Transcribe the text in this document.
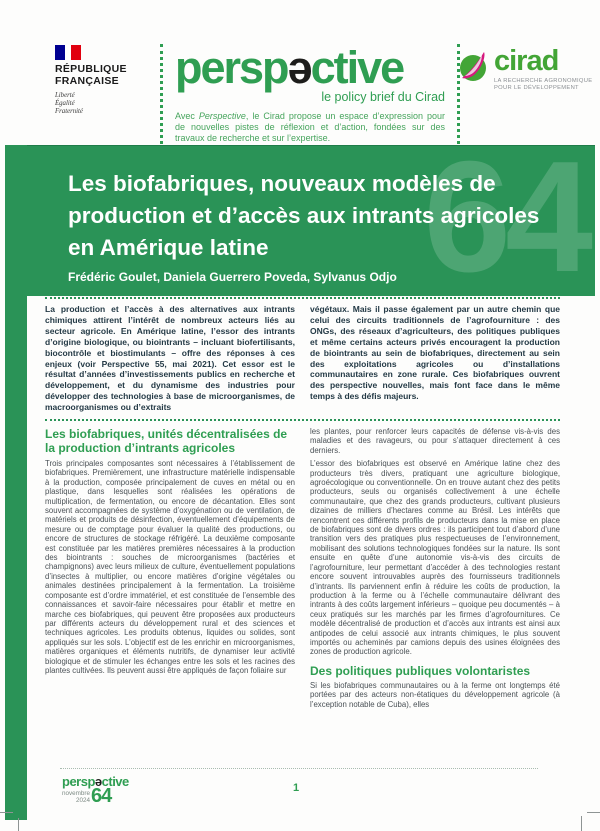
RÉPUBLIQUE
FRANÇAISE
Liberté
Égalité
Fraternité
perspəctive
le policy brief du Cirad
Avec Perspective, le Cirad propose un espace d’expression pour de nouvelles pistes de réflexion et d’action, fondées sur des travaux de recherche et sur l’expertise.
cirad
LA RECHERCHE AGRONOMIQUE
POUR LE DÉVELOPPEMENT
64
Les biofabriques, nouveaux modèles de
production et d’accès aux intrants agricoles
en Amérique latine
Frédéric Goulet, Daniela Guerrero Poveda, Sylvanus Odjo
La production et l’accès à des alternatives aux intrants chimiques attirent l’intérêt de nombreux acteurs liés au secteur agricole. En Amérique latine, l’essor des intrants d’origine biologique, ou biointrants – incluant biofertilisants, biocontrôle et biostimulants – offre des réponses à ces enjeux (voir Perspective 55, mai 2021). Cet essor est le résultat d’années d’investissements publics en recherche et développement, et du dynamisme des industries pour développer des technologies à base de microorganismes, de macroorganismes ou d’extraits
végétaux. Mais il passe également par un autre chemin que celui des circuits traditionnels de l’agrofourniture : des ONGs, des réseaux d’agriculteurs, des politiques publiques et même certains acteurs privés encouragent la production de biointrants au sein de biofabriques, directement au sein des exploitations agricoles ou d’installations communautaires en zone rurale. Ces biofabriques ouvrent des perspective nouvelles, mais font face dans le même temps à des défis majeurs.
Les biofabriques, unités décentralisées de la production d’intrants agricoles

Trois principales composantes sont nécessaires à l’établissement de biofabriques. Premièrement, une infrastructure matérielle indispensable à la production, composée principalement de cuves en métal ou en plastique, dans lesquelles sont réalisées les opérations de multiplication, de fermentation, ou encore de décantation. Elles sont souvent accompagnées de système d’oxygénation ou de ventilation, de matériels et produits de désinfection, éventuellement d’équipements de mesure ou de comptage pour évaluer la qualité des productions, ou encore de structures de stockage réfrigéré. La deuxième composante est constituée par les matières premières nécessaires à la production des biointrants : souches de microorganismes (bactéries et champignons) avec leurs milieux de culture, éventuellement populations d’insectes à multiplier, ou encore matières d’origine végétales ou animales destinées principalement à la fermentation. La troisième composante est d’ordre immatériel, et est constituée de l’ensemble des connaissances et savoir-faire nécessaires pour établir et mettre en marche ces biofabriques, qui peuvent être proposées aux producteurs par différents acteurs du développement rural et des sciences et techniques agricoles. Les produits obtenus, liquides ou solides, sont appliqués sur les sols. L’objectif est de les enrichir en microorganismes, matières organiques et éléments nutritifs, de dynamiser leur activité biologique et de stimuler les échanges entre les sols et les racines des plantes cultivées. Ils peuvent aussi être appliqués de façon foliaire sur

les plantes, pour renforcer leurs capacités de défense vis-à-vis des maladies et des ravageurs, ou pour s’attaquer directement à ces derniers.

L’essor des biofabriques est observé en Amérique latine chez des producteurs très divers, pratiquant une agriculture biologique, agroécologique ou conventionnelle. On en trouve autant chez des petits producteurs, seuls ou organisés collectivement à une échelle communautaire, que chez des grands producteurs, cultivant plusieurs dizaines de milliers d’hectares comme au Brésil. Les intérêts que rencontrent ces différents profils de producteurs dans la mise en place de biofabriques sont de divers ordres : ils participent tout d’abord d’une transition vers des pratiques plus respectueuses de l’environnement, mobilisant des solutions technologiques fondées sur la nature. Ils sont ensuite en quête d’une autonomie vis-à-vis des circuits de l’agrofourniture, leur permettant d’accéder à des technologies restant encore souvent introuvables auprès des fournisseurs traditionnels d’intrants. Ils parviennent enfin à réduire les coûts de production, la production à la ferme ou à l’échelle communautaire délivrant des intrants à des coûts largement inférieurs – quoique peu documentés – à ceux pratiqués sur les marchés par les firmes d’agrofournitures. Ce modèle décentralisé de production et d’accès aux intrants est ainsi aux antipodes de celui associé aux intrants chimiques, le plus souvent importés ou acheminés par camions depuis des usines éloignées des zones de production agricole.

Des politiques publiques volontaristes

Si les biofabriques communautaires ou à la ferme ont longtemps été portées par des acteurs non-étatiques du développement agricole (à l’exception notable de Cuba), elles

perspəctive
novembre
2024 64	1
